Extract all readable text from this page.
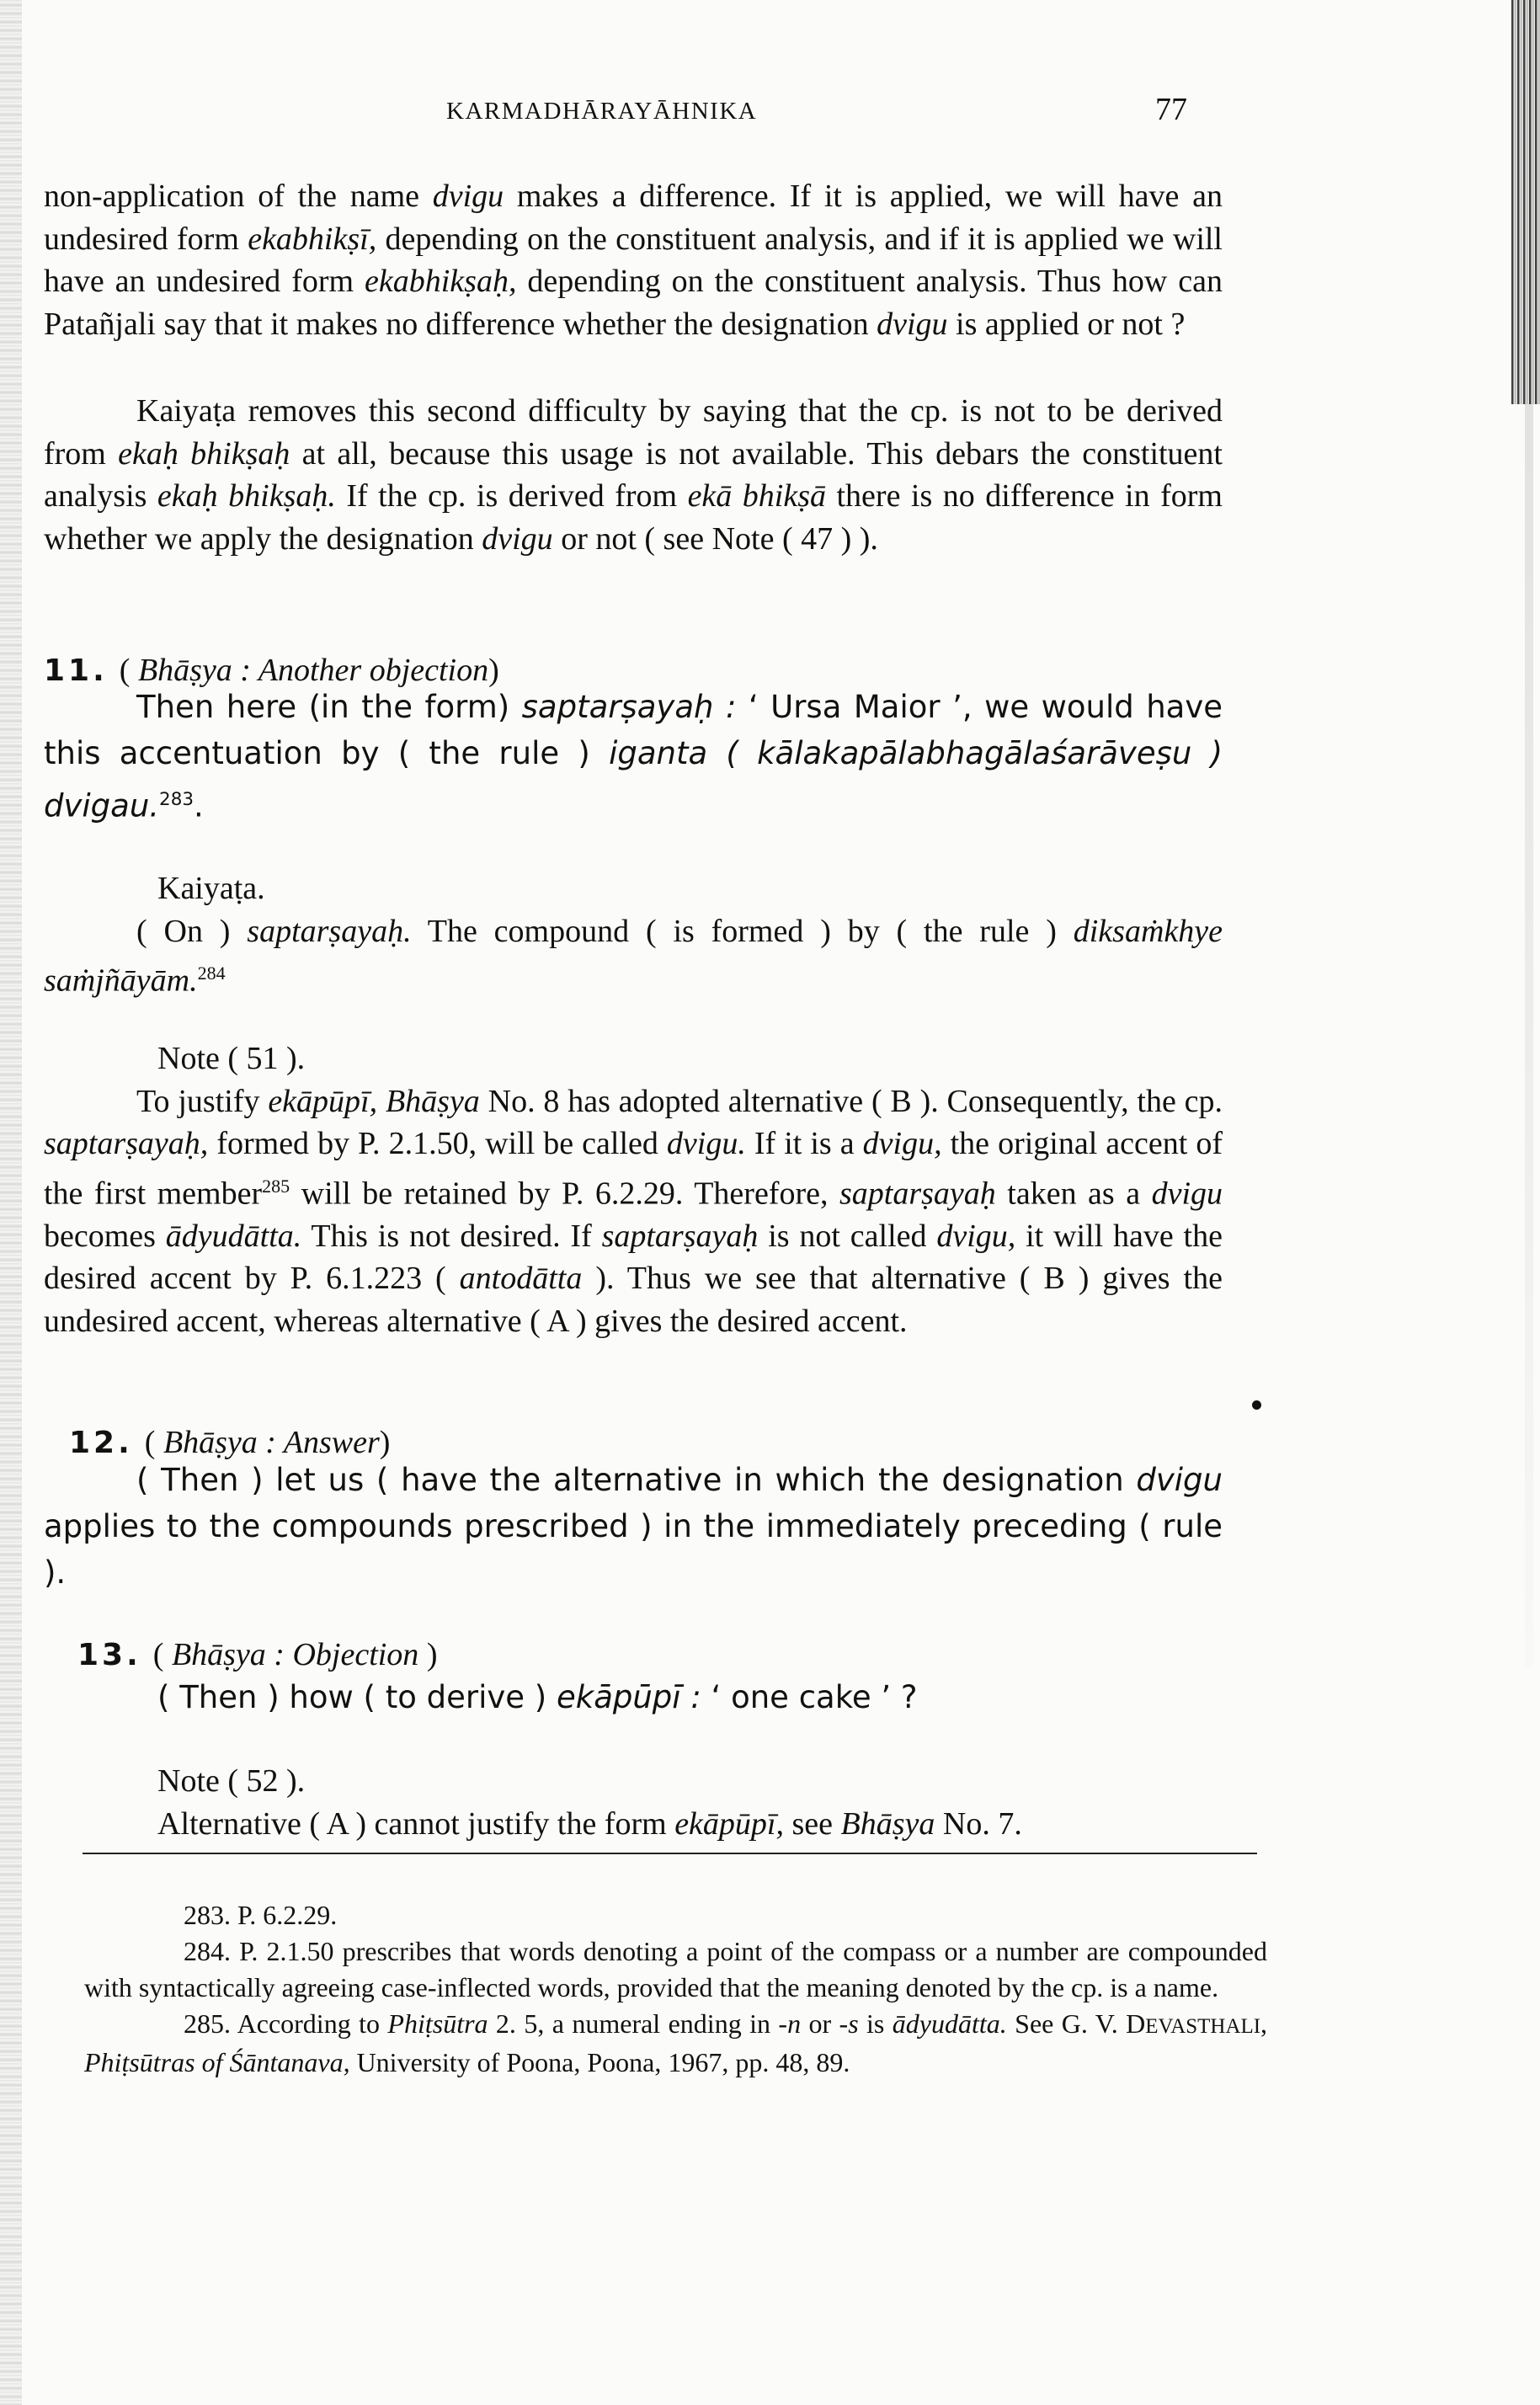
KARMADHĀRAYĀHNIKA	77

non-application of the name dvigu makes a difference. If it is applied, we will have an undesired form ekabhikṣī, depending on the constituent analysis, and if it is applied we will have an undesired form ekabhikṣaḥ, depending on the constituent analysis. Thus how can Patañjali say that it makes no difference whether the designation dvigu is applied or not ?

Kaiyaṭa removes this second difficulty by saying that the cp. is not to be derived from ekaḥ bhikṣaḥ at all, because this usage is not available. This debars the constituent analysis ekaḥ bhikṣaḥ. If the cp. is derived from ekā bhikṣā there is no difference in form whether we apply the designation dvigu or not ( see Note ( 47 ) ).

11. ( Bhāṣya : Another objection)

Then here (in the form) saptarṣayaḥ : ‘ Ursa Maior ’, we would have this accentuation by ( the rule ) iganta ( kālakapālabhagālaśarāveṣu ) dvigau.$^{283}$.

Kaiyaṭa.

( On ) saptarṣayaḥ. The compound ( is formed ) by ( the rule ) diksaṁkhye saṁjñāyām.$^{284}$

Note ( 51 ).

To justify ekāpūpī, Bhāṣya No. 8 has adopted alternative ( B ). Consequently, the cp. saptarṣayaḥ, formed by P. 2.1.50, will be called dvigu. If it is a dvigu, the original accent of the first member$^{285}$ will be retained by P. 6.2.29. Therefore, saptarṣayaḥ taken as a dvigu becomes ādyudātta. This is not desired. If saptarṣayaḥ is not called dvigu, it will have the desired accent by P. 6.1.223 ( antodātta ). Thus we see that alternative ( B ) gives the undesired accent, whereas alternative ( A ) gives the desired accent.

12. ( Bhāṣya : Answer)

( Then ) let us ( have the alternative in which the designation dvigu applies to the compounds prescribed ) in the immediately preceding ( rule ).

13. ( Bhāṣya : Objection )

( Then ) how ( to derive ) ekāpūpī : ‘ one cake ’ ?

Note ( 52 ).

Alternative ( A ) cannot justify the form ekāpūpī, see Bhāṣya No. 7.

283. P. 6.2.29.

284. P. 2.1.50 prescribes that words denoting a point of the compass or a number are compounded with syntactically agreeing case-inflected words, provided that the meaning denoted by the cp. is a name.

285. According to Phiṭsūtra 2. 5, a numeral ending in -n or -s is ādyudātta. See G. V. DEVASTHALI, Phiṭsūtras of Śāntanava, University of Poona, Poona, 1967, pp. 48, 89.
